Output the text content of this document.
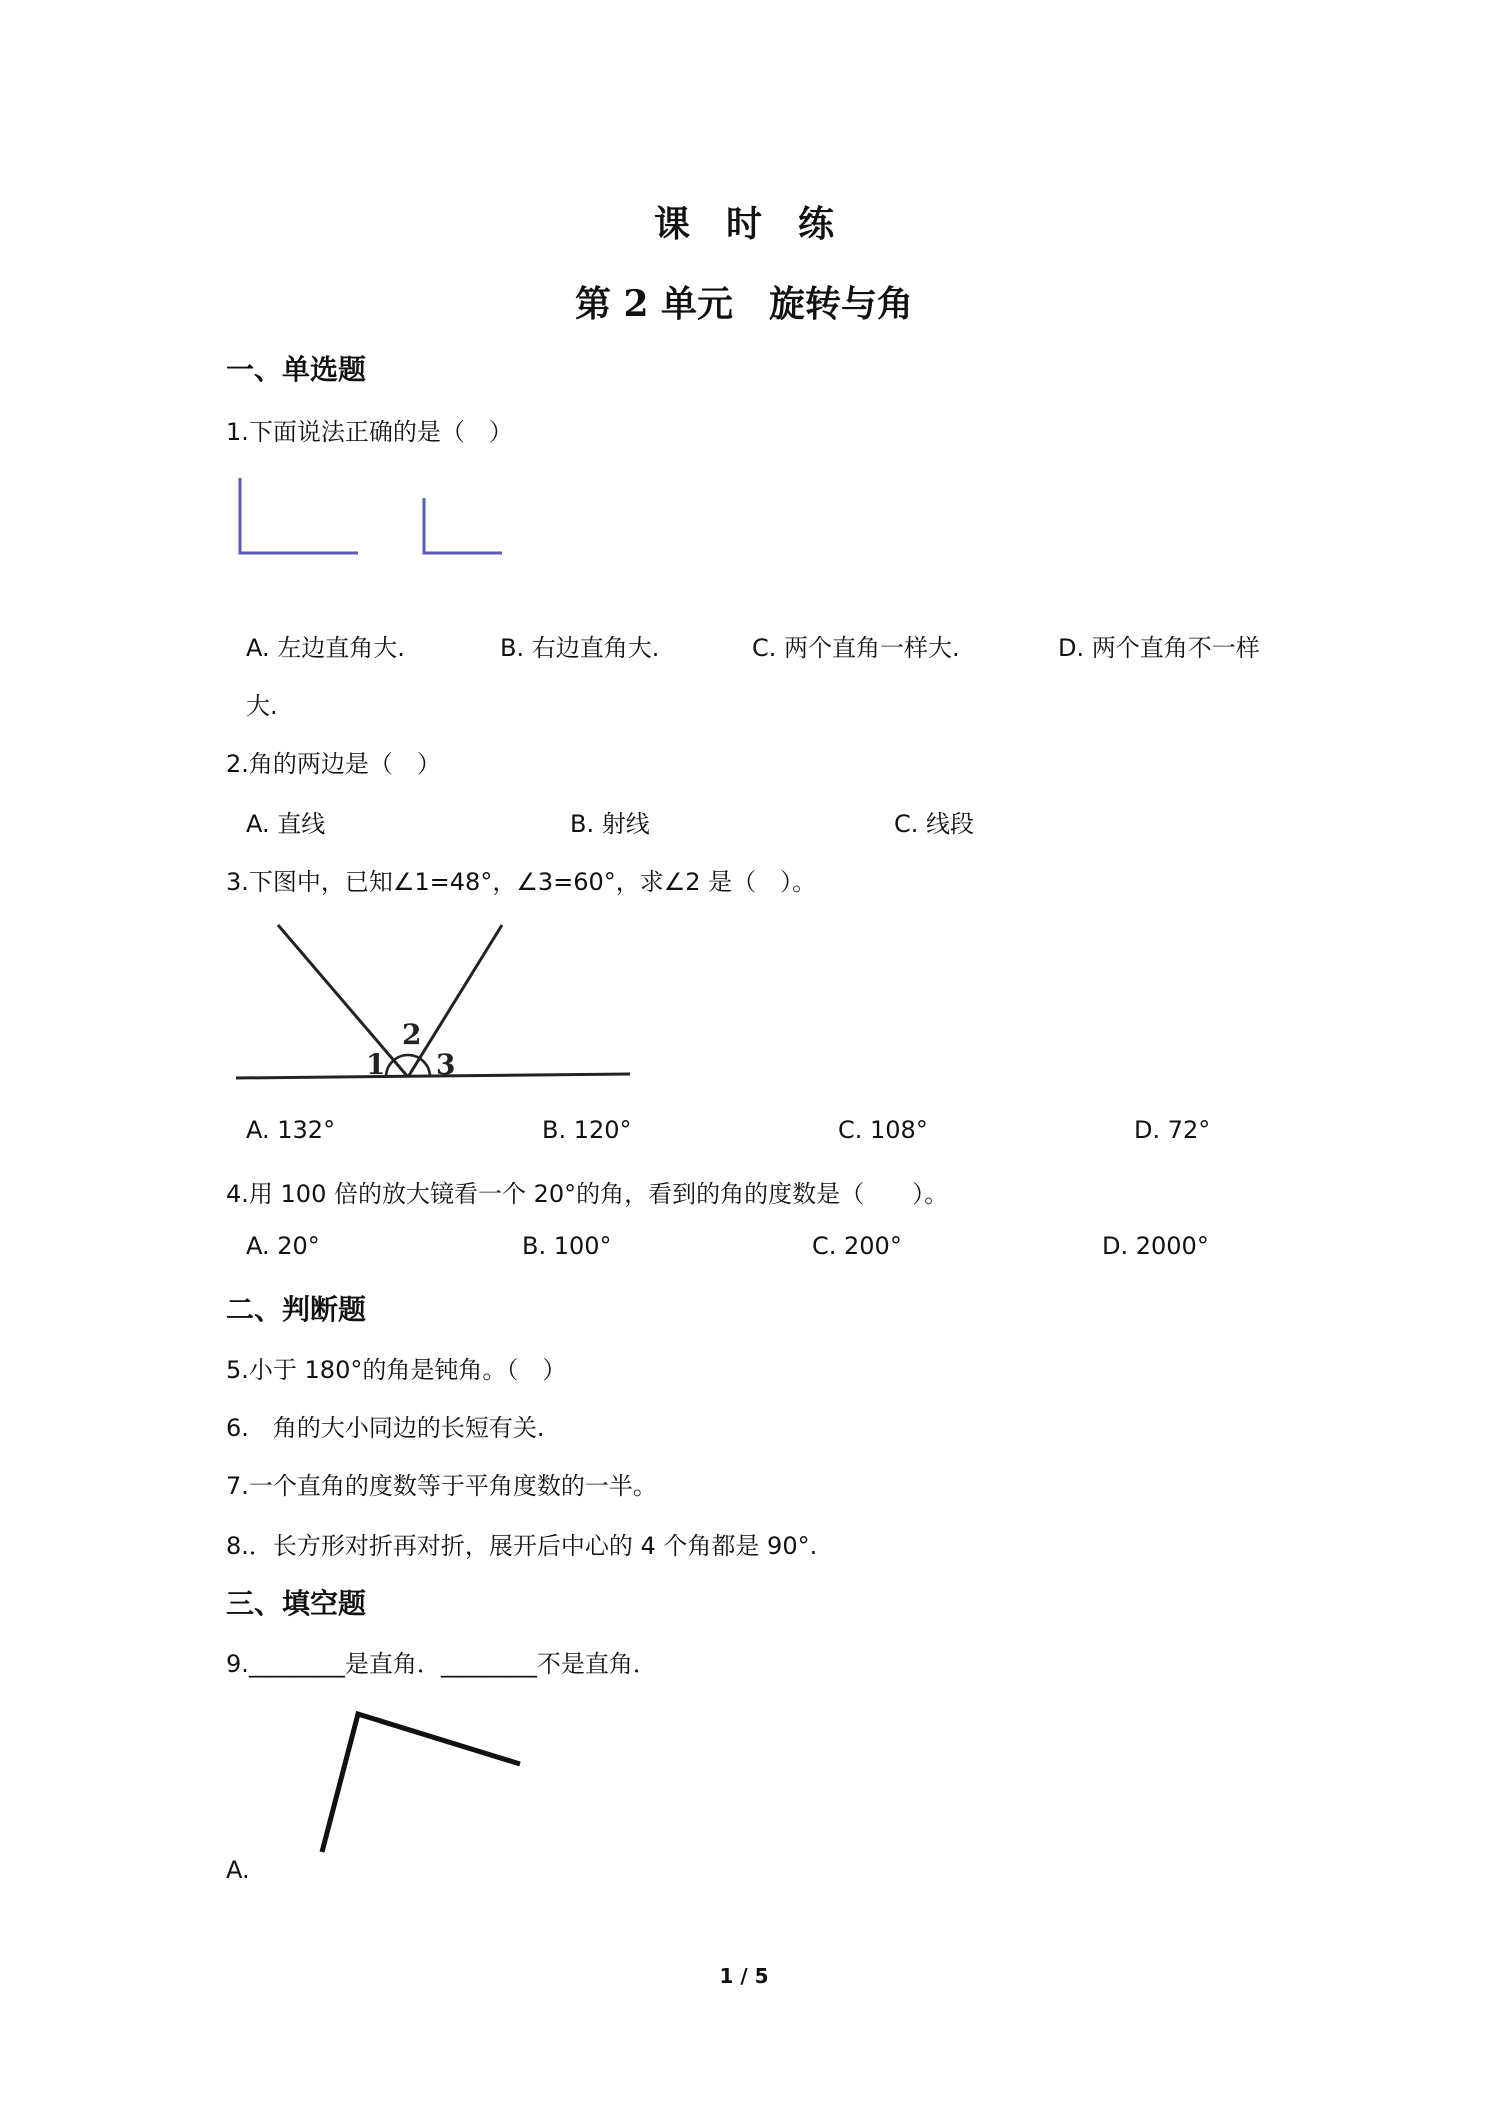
课　时　练
第 2 单元　旋转与角
一、单选题
1.下面说法正确的是（　）
A. 左边直角大.	B. 右边直角大.	C. 两个直角一样大.	D. 两个直角不一样
大.
2.角的两边是（　）
A. 直线	B. 射线	C. 线段
3.下图中，已知∠1=48°，∠3=60°，求∠2 是（　）。
1
2
3
A. 132°	B. 120°	C. 108°	D. 72°
4.用 100 倍的放大镜看一个 20°的角，看到的角的度数是（　　）。
A. 20°	B. 100°	C. 200°	D. 2000°
二、判断题
5.小于 180°的角是钝角。（　）
6.　角的大小同边的长短有关.
7.一个直角的度数等于平角度数的一半。
8.．长方形对折再对折，展开后中心的 4 个角都是 90°.
三、填空题
9.________是直角．________不是直角．
A.
1 / 5
